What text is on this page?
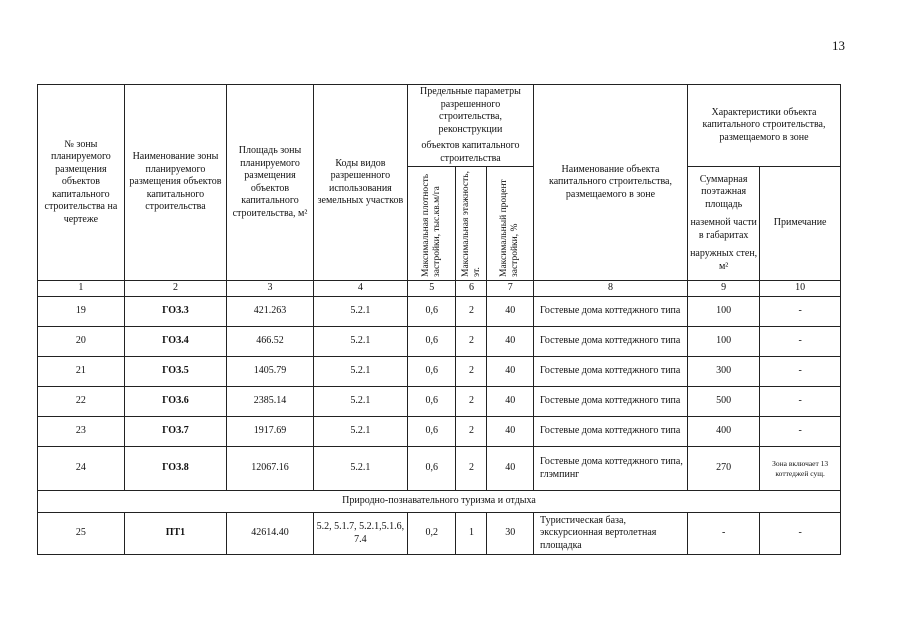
13
№ зоны планируемого размещения объектов капитального строительства на чертеже	Наименование зоны планируемого размещения объектов капитального строительства	Площадь зоны планируемого размещения объектов капитального строительства, м²	Коды видов разрешенного использования земельных участков	Предельные параметры разрешенного строительства, реконструкции
объектов капитального строительства			Наименование объекта капитального строительства, размещаемого в зоне	Характеристики объекта капитального строительства, размещаемого в зоне	

				Максимальная плотность застройки, тыс.кв.м/га	Максимальная этажность, эт.	Максимальный процент застройки, %		Суммарная поэтажная площадь
наземной части в габаритах
наружных стен, м²	Примечание
1	2	3	4	5	6	7	8	9	10
19	ГОЗ.3	421.263	5.2.1	0,6	2	40	Гостевые дома коттеджного типа	100	-
20	ГОЗ.4	466.52	5.2.1	0,6	2	40	Гостевые дома коттеджного типа	100	-
21	ГОЗ.5	1405.79	5.2.1	0,6	2	40	Гостевые дома коттеджного типа	300	-
22	ГОЗ.6	2385.14	5.2.1	0,6	2	40	Гостевые дома коттеджного типа	500	-
23	ГОЗ.7	1917.69	5.2.1	0,6	2	40	Гостевые дома коттеджного типа	400	-
24	ГОЗ.8	12067.16	5.2.1	0,6	2	40	Гостевые дома коттеджного типа, глэмпинг	270	Зона включает 13 коттеджей сущ.
Природно-познавательного туризма и отдыха									
25	ПТ1	42614.40	5.2, 5.1.7, 5.2.1,5.1.6, 7.4	0,2	1	30	Туристическая база, экскурсионная вертолетная площадка	-	-
